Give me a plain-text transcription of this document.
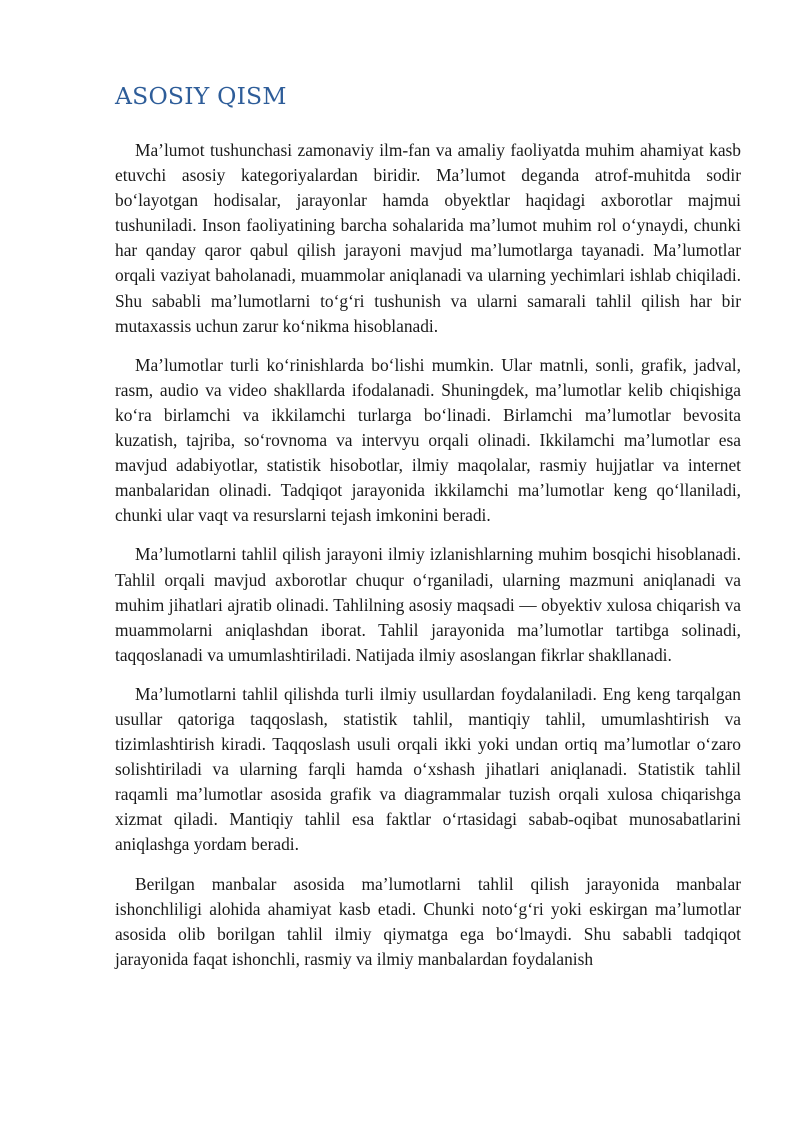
ASOSIY QISM

Ma’lumot tushunchasi zamonaviy ilm-fan va amaliy faoliyatda muhim ahamiyat kasb etuvchi asosiy kategoriyalardan biridir. Ma’lumot deganda atrof-muhitda sodir bo‘layotgan hodisalar, jarayonlar hamda obyektlar haqidagi axborotlar majmui tushuniladi. Inson faoliyatining barcha sohalarida ma’lumot muhim rol o‘ynaydi, chunki har qanday qaror qabul qilish jarayoni mavjud ma’lumotlarga tayanadi. Ma’lumotlar orqali vaziyat baholanadi, muammolar aniqlanadi va ularning yechimlari ishlab chiqiladi. Shu sababli ma’lumotlarni to‘g‘ri tushunish va ularni samarali tahlil qilish har bir mutaxassis uchun zarur ko‘nikma hisoblanadi.

Ma’lumotlar turli ko‘rinishlarda bo‘lishi mumkin. Ular matnli, sonli, grafik, jadval, rasm, audio va video shakllarda ifodalanadi. Shuningdek, ma’lumotlar kelib chiqishiga ko‘ra birlamchi va ikkilamchi turlarga bo‘linadi. Birlamchi ma’lumotlar bevosita kuzatish, tajriba, so‘rovnoma va intervyu orqali olinadi. Ikkilamchi ma’lumotlar esa mavjud adabiyotlar, statistik hisobotlar, ilmiy maqolalar, rasmiy hujjatlar va internet manbalaridan olinadi. Tadqiqot jarayonida ikkilamchi ma’lumotlar keng qo‘llaniladi, chunki ular vaqt va resurslarni tejash imkonini beradi.

Ma’lumotlarni tahlil qilish jarayoni ilmiy izlanishlarning muhim bosqichi hisoblanadi. Tahlil orqali mavjud axborotlar chuqur o‘rganiladi, ularning mazmuni aniqlanadi va muhim jihatlari ajratib olinadi. Tahlilning asosiy maqsadi — obyektiv xulosa chiqarish va muammolarni aniqlashdan iborat. Tahlil jarayonida ma’lumotlar tartibga solinadi, taqqoslanadi va umumlashtiriladi. Natijada ilmiy asoslangan fikrlar shakllanadi.

Ma’lumotlarni tahlil qilishda turli ilmiy usullardan foydalaniladi. Eng keng tarqalgan usullar qatoriga taqqoslash, statistik tahlil, mantiqiy tahlil, umumlashtirish va tizimlashtirish kiradi. Taqqoslash usuli orqali ikki yoki undan ortiq ma’lumotlar o‘zaro solishtiriladi va ularning farqli hamda o‘xshash jihatlari aniqlanadi. Statistik tahlil raqamli ma’lumotlar asosida grafik va diagrammalar tuzish orqali xulosa chiqarishga xizmat qiladi. Mantiqiy tahlil esa faktlar o‘rtasidagi sabab-oqibat munosabatlarini aniqlashga yordam beradi.

Berilgan manbalar asosida ma’lumotlarni tahlil qilish jarayonida manbalar ishonchliligi alohida ahamiyat kasb etadi. Chunki noto‘g‘ri yoki eskirgan ma’lumotlar asosida olib borilgan tahlil ilmiy qiymatga ega bo‘lmaydi. Shu sababli tadqiqot jarayonida faqat ishonchli, rasmiy va ilmiy manbalardan foydalanish
